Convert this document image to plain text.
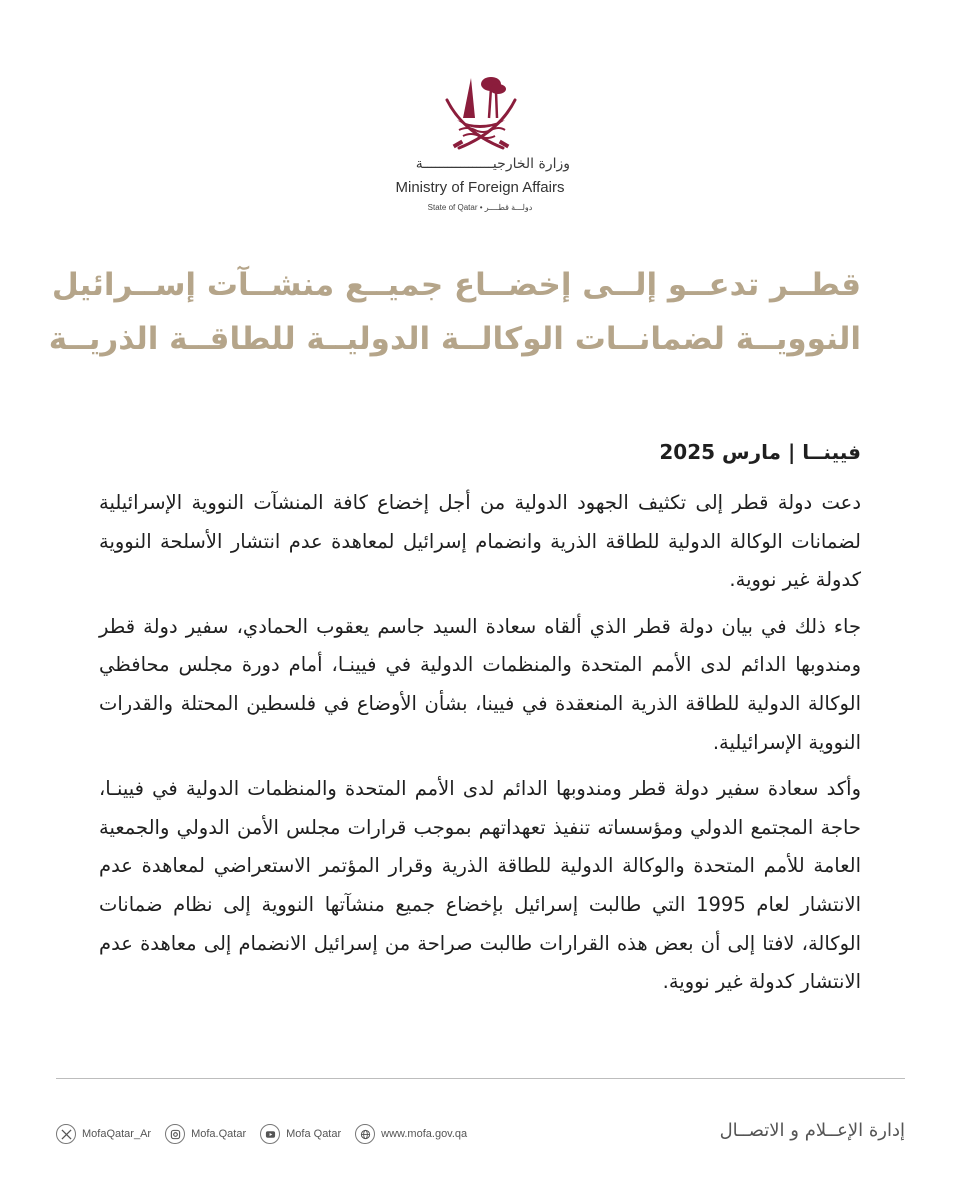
وزارة الخارجيـــــــــــــــــة
Ministry of Foreign Affairs
State of Qatar • دولـــة قطــــر
قطــر تدعــو إلــى إخضــاع جميــع منشــآت إســرائيل
النوويــة لضمانــات الوكالــة الدوليــة للطاقــة الذريــة
فيينــا | مارس 2025

دعت دولة قطر إلى تكثيف الجهود الدولية من أجل إخضاع كافة المنشآت النووية الإسرائيلية لضمانات الوكالة الدولية للطاقة الذرية وانضمام إسرائيل لمعاهدة عدم انتشار الأسلحة النووية كدولة غير نووية.

جاء ذلك في بيان دولة قطر الذي ألقاه سعادة السيد جاسم يعقوب الحمادي، سفير دولة قطر ومندوبها الدائم لدى الأمم المتحدة والمنظمات الدولية في فيينـا، أمام دورة مجلس محافظي الوكالة الدولية للطاقة الذرية المنعقدة في فيينا، بشأن الأوضاع في فلسطين المحتلة والقدرات النووية الإسرائيلية.

وأكد سعادة سفير دولة قطر ومندوبها الدائم لدى الأمم المتحدة والمنظمات الدولية في فيينـا، حاجة المجتمع الدولي ومؤسساته تنفيذ تعهداتهم بموجب قرارات مجلس الأمن الدولي والجمعية العامة للأمم المتحدة والوكالة الدولية للطاقة الذرية وقرار المؤتمر الاستعراضي لمعاهدة عدم الانتشار لعام 1995 التي طالبت إسرائيل بإخضاع جميع منشآتها النووية إلى نظام ضمانات الوكالة، لافتا إلى أن بعض هذه القرارات طالبت صراحة من إسرائيل الانضمام إلى معاهدة عدم الانتشار كدولة غير نووية.

إدارة الإعــلام و الاتصــال
MofaQatar_Ar	Mofa.Qatar	Mofa Qatar	www.mofa.gov.qa
